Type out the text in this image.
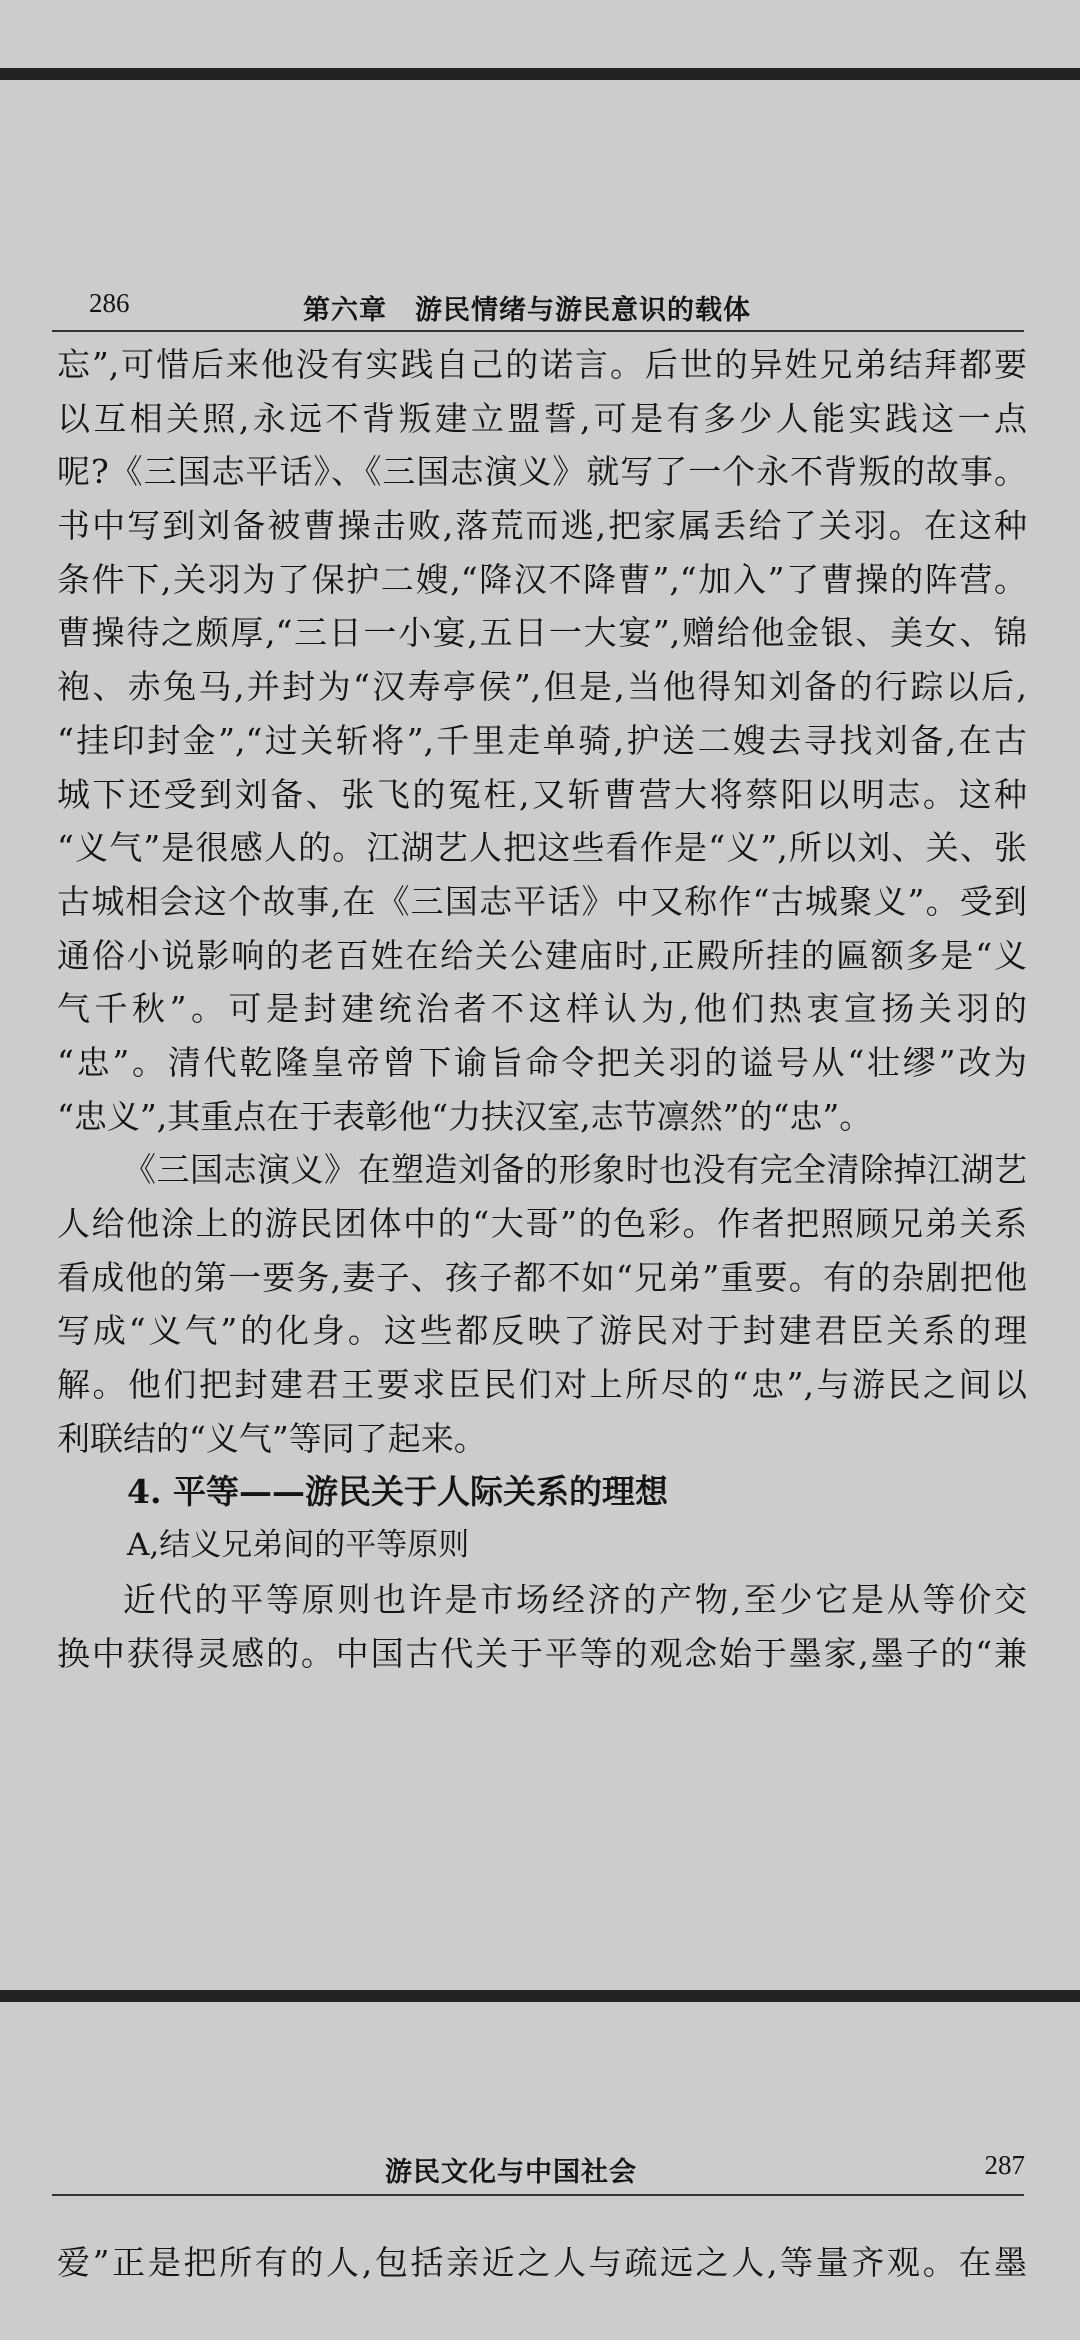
286	第六章　游民情绪与游民意识的载体
忘”,可惜后来他没有实践自己的诺言。后世的异姓兄弟结拜都要
以互相关照,永远不背叛建立盟誓,可是有多少人能实践这一点
呢?《三国志平话》、《三国志演义》就写了一个永不背叛的故事。
书中写到刘备被曹操击败,落荒而逃,把家属丢给了关羽。在这种
条件下,关羽为了保护二嫂,“降汉不降曹”,“加入”了曹操的阵营。
曹操待之颇厚,“三日一小宴,五日一大宴”,赠给他金银、美女、锦
袍、赤兔马,并封为“汉寿亭侯”,但是,当他得知刘备的行踪以后,
“挂印封金”,“过关斩将”,千里走单骑,护送二嫂去寻找刘备,在古
城下还受到刘备、张飞的冤枉,又斩曹营大将蔡阳以明志。这种
“义气”是很感人的。江湖艺人把这些看作是“义”,所以刘、关、张
古城相会这个故事,在《三国志平话》中又称作“古城聚义”。受到
通俗小说影响的老百姓在给关公建庙时,正殿所挂的匾额多是“义
气千秋”。可是封建统治者不这样认为,他们热衷宣扬关羽的
“忠”。清代乾隆皇帝曾下谕旨命令把关羽的谥号从“壮缪”改为
“忠义”,其重点在于表彰他“力扶汉室,志节凛然”的“忠”。
《三国志演义》在塑造刘备的形象时也没有完全清除掉江湖艺
人给他涂上的游民团体中的“大哥”的色彩。作者把照顾兄弟关系
看成他的第一要务,妻子、孩子都不如“兄弟”重要。有的杂剧把他
写成“义气”的化身。这些都反映了游民对于封建君臣关系的理
解。他们把封建君王要求臣民们对上所尽的“忠”,与游民之间以
利联结的“义气”等同了起来。
4. 平等——游民关于人际关系的理想
A,结义兄弟间的平等原则
近代的平等原则也许是市场经济的产物,至少它是从等价交
换中获得灵感的。中国古代关于平等的观念始于墨家,墨子的“兼
游民文化与中国社会	287
爱”正是把所有的人,包括亲近之人与疏远之人,等量齐观。在墨
